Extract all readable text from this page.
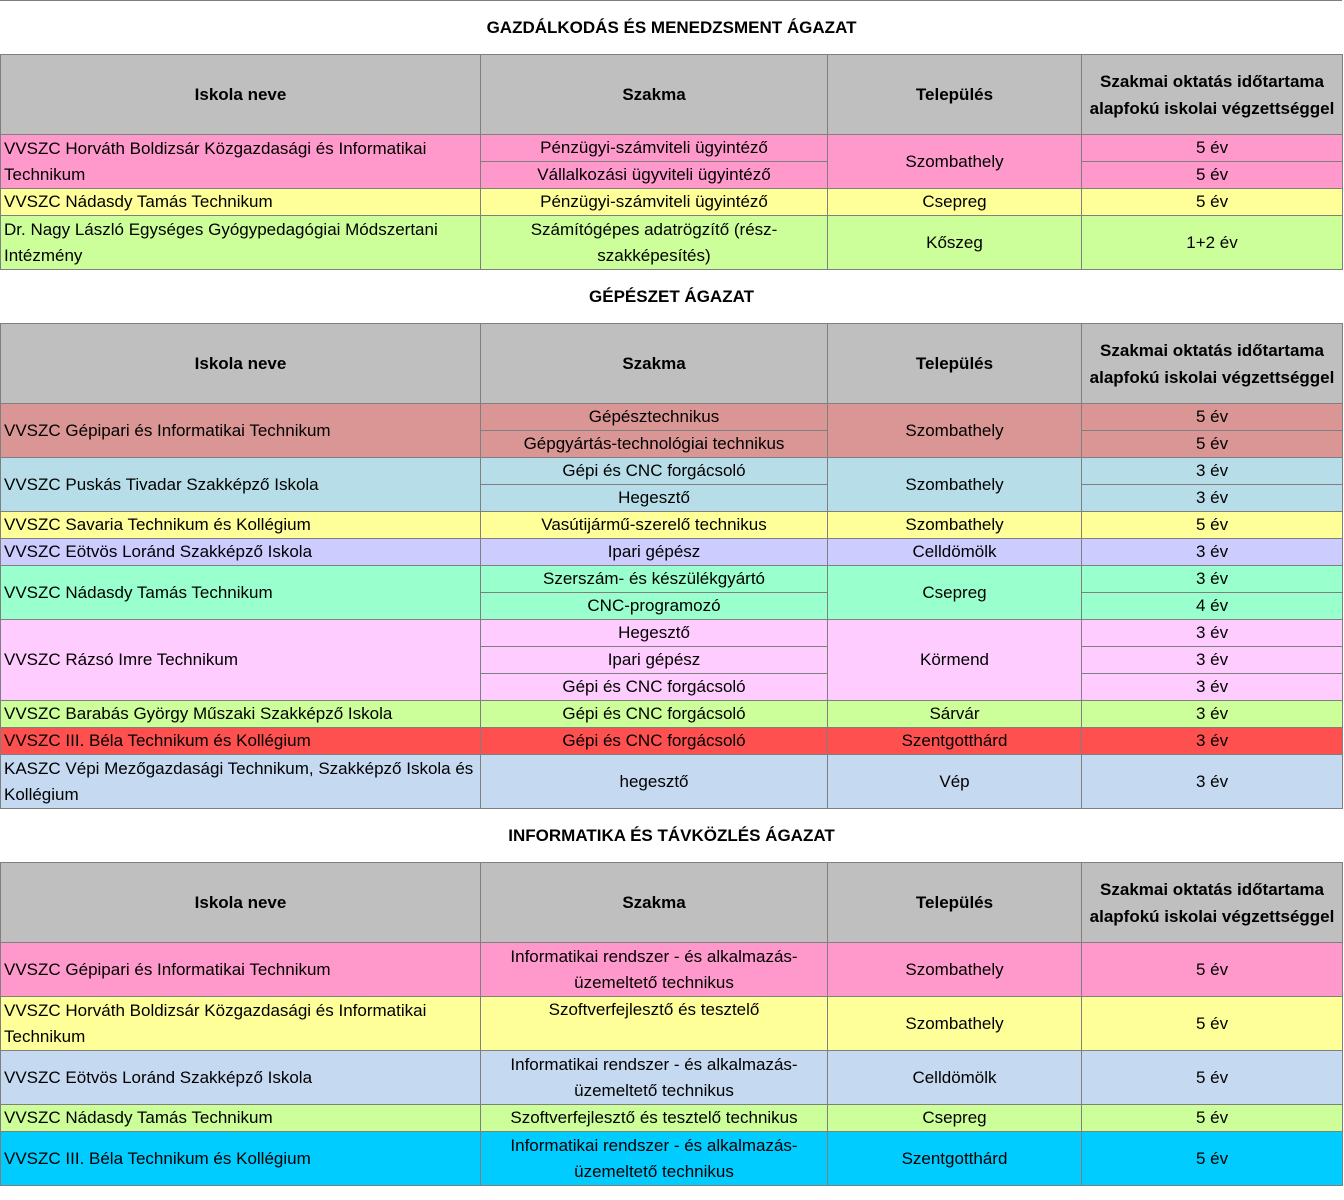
GAZDÁLKODÁS ÉS MENEDZSMENT ÁGAZAT			
Iskola neve	Szakma	Település	Szakmai oktatás időtartama alapfokú iskolai végzettséggel
VVSZC Horváth Boldizsár Közgazdasági és Informatikai Technikum	Pénzügyi-számviteli ügyintéző	Szombathely	5 év
	Vállalkozási ügyviteli ügyintéző		5 év
VVSZC Nádasdy Tamás Technikum	Pénzügyi-számviteli ügyintéző	Csepreg	5 év
Dr. Nagy László Egységes Gyógypedagógiai Módszertani Intézmény	Számítógépes adatrögzítő (rész-szakképesítés)	Kőszeg	1+2 év
GÉPÉSZET ÁGAZAT			
Iskola neve	Szakma	Település	Szakmai oktatás időtartama alapfokú iskolai végzettséggel
VVSZC Gépipari és Informatikai Technikum	Gépésztechnikus	Szombathely	5 év
	Gépgyártás-technológiai technikus		5 év
VVSZC Puskás Tivadar Szakképző Iskola	Gépi és CNC forgácsoló	Szombathely	3 év
	Hegesztő		3 év
VVSZC Savaria Technikum és Kollégium	Vasútijármű-szerelő technikus	Szombathely	5 év
VVSZC Eötvös Loránd Szakképző Iskola	Ipari gépész	Celldömölk	3 év
VVSZC Nádasdy Tamás Technikum	Szerszám- és készülékgyártó	Csepreg	3 év
	CNC-programozó		4 év
VVSZC Rázsó Imre Technikum	Hegesztő	Körmend	3 év
	Ipari gépész		3 év
	Gépi és CNC forgácsoló		3 év
VVSZC Barabás György Műszaki Szakképző Iskola	Gépi és CNC forgácsoló	Sárvár	3 év
VVSZC III. Béla Technikum és Kollégium	Gépi és CNC forgácsoló	Szentgotthárd	3 év
KASZC Vépi Mezőgazdasági Technikum, Szakképző Iskola és Kollégium	hegesztő	Vép	3 év
INFORMATIKA ÉS TÁVKÖZLÉS ÁGAZAT			
Iskola neve	Szakma	Település	Szakmai oktatás időtartama alapfokú iskolai végzettséggel
VVSZC Gépipari és Informatikai Technikum	Informatikai rendszer - és alkalmazás-üzemeltető technikus	Szombathely	5 év
VVSZC Horváth Boldizsár Közgazdasági és Informatikai Technikum	Szoftverfejlesztő és tesztelő	Szombathely	5 év
VVSZC Eötvös Loránd Szakképző Iskola	Informatikai rendszer - és alkalmazás-üzemeltető technikus	Celldömölk	5 év
VVSZC Nádasdy Tamás Technikum	Szoftverfejlesztő és tesztelő technikus	Csepreg	5 év
VVSZC III. Béla Technikum és Kollégium	Informatikai rendszer - és alkalmazás-üzemeltető technikus	Szentgotthárd	5 év
